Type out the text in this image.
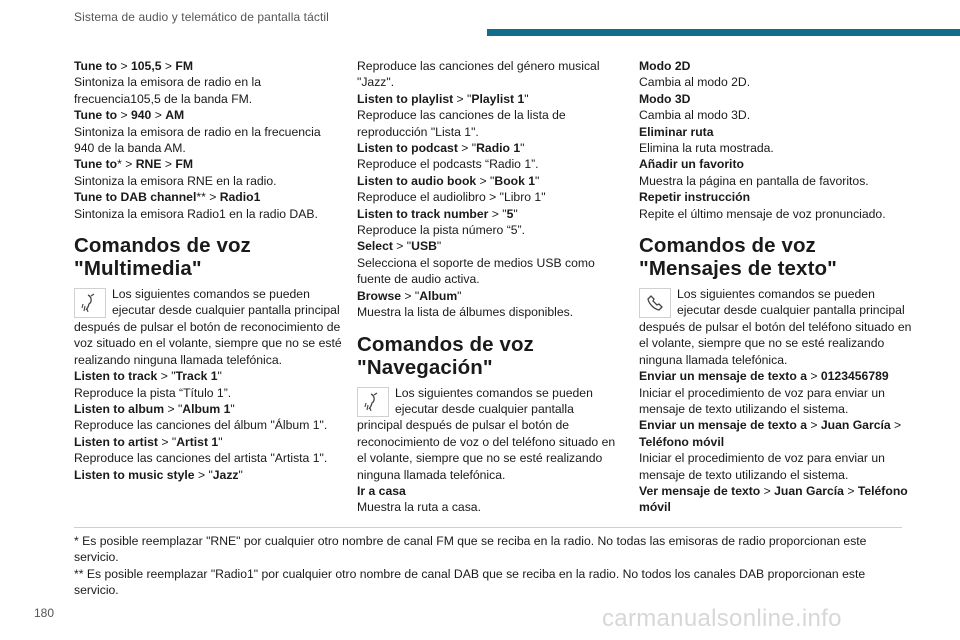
Sistema de audio y telemático de pantalla táctil

Tune to > 105,5 > FM

Sintoniza la emisora de radio en la frecuencia105,5 de la banda FM.

Tune to > 940 > AM

Sintoniza la emisora de radio en la frecuencia 940 de la banda AM.

Tune to* > RNE > FM

Sintoniza la emisora RNE en la radio.

Tune to DAB channel** > Radio1

Sintoniza la emisora Radio1 en la radio DAB.

Comandos de voz "Multimedia"

Los siguientes comandos se pueden ejecutar desde cualquier pantalla principal después de pulsar el botón de reconocimiento de voz situado en el volante, siempre que no se esté realizando ninguna llamada telefónica.

Listen to track > "Track 1"

Reproduce la pista “Título 1”.

Listen to album > "Album 1"

Reproduce las canciones del álbum "Álbum 1".

Listen to artist > "Artist 1"

Reproduce las canciones del artista "Artista 1".

Listen to music style > "Jazz"

Reproduce las canciones del género musical "Jazz".

Listen to playlist > "Playlist 1"

Reproduce las canciones de la lista de reproducción "Lista 1".

Listen to podcast > "Radio 1"

Reproduce el podcasts “Radio 1”.

Listen to audio book > "Book 1"

Reproduce el audiolibro > "Libro 1"

Listen to track number > "5"

Reproduce la pista número “5”.

Select > "USB"

Selecciona el soporte de medios USB como fuente de audio activa.

Browse > "Album"

Muestra la lista de álbumes disponibles.

Comandos de voz "Navegación"

Los siguientes comandos se pueden ejecutar desde cualquier pantalla principal después de pulsar el botón de reconocimiento de voz o del teléfono situado en el volante, siempre que no se esté realizando ninguna llamada telefónica.

Ir a casa

Muestra la ruta a casa.

Modo 2D

Cambia al modo 2D.

Modo 3D

Cambia al modo 3D.

Eliminar ruta

Elimina la ruta mostrada.

Añadir un favorito

Muestra la página en pantalla de favoritos.

Repetir instrucción

Repite el último mensaje de voz pronunciado.

Comandos de voz "Mensajes de texto"

Los siguientes comandos se pueden ejecutar desde cualquier pantalla principal después de pulsar el botón del teléfono situado en el volante, siempre que no se esté realizando ninguna llamada telefónica.

Enviar un mensaje de texto a > 0123456789

Iniciar el procedimiento de voz para enviar un mensaje de texto utilizando el sistema.

Enviar un mensaje de texto a > Juan García > Teléfono móvil

Iniciar el procedimiento de voz para enviar un mensaje de texto utilizando el sistema.

Ver mensaje de texto > Juan García > Teléfono móvil

* Es posible reemplazar "RNE" por cualquier otro nombre de canal FM que se reciba en la radio. No todas las emisoras de radio proporcionan este servicio.

** Es posible reemplazar "Radio1" por cualquier otro nombre de canal DAB que se reciba en la radio. No todos los canales DAB proporcionan este servicio.

180	carmanualsonline.info
